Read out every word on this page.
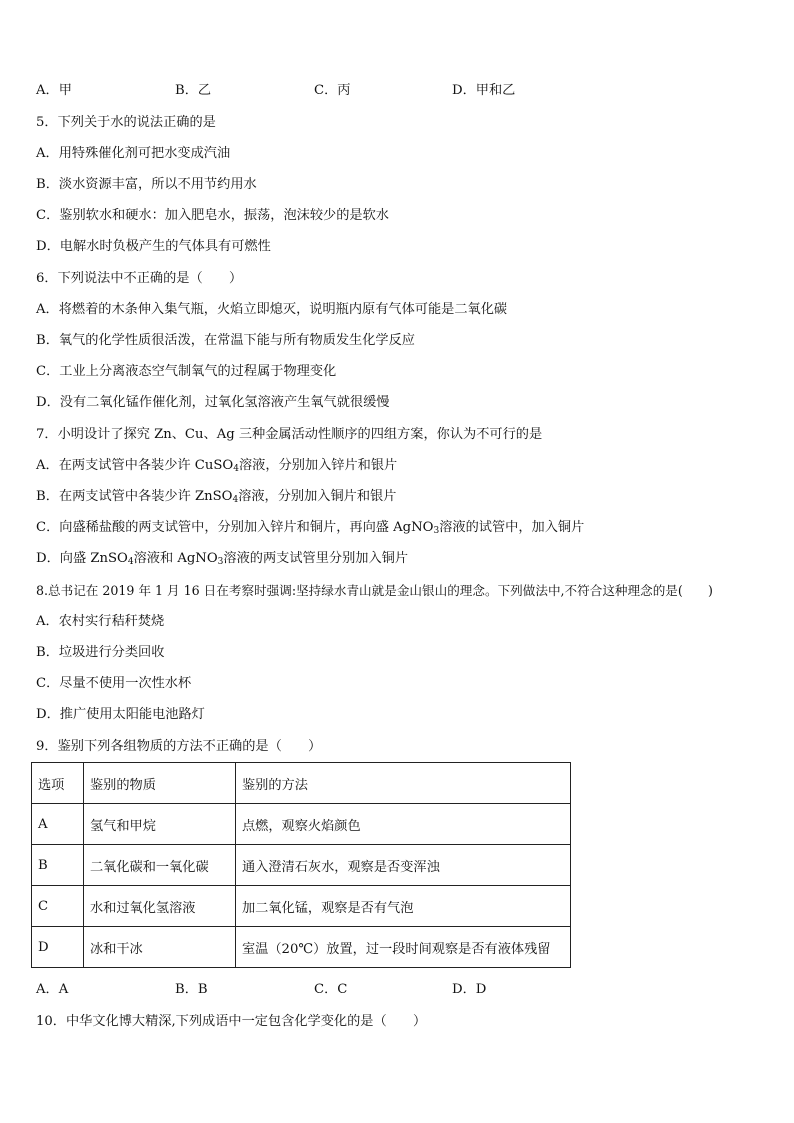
A．甲	B．乙	C．丙	D．甲和乙
5．下列关于水的说法正确的是
A．用特殊催化剂可把水变成汽油
B．淡水资源丰富，所以不用节约用水
C．鉴别软水和硬水：加入肥皂水，振荡，泡沫较少的是软水
D．电解水时负极产生的气体具有可燃性
6．下列说法中不正确的是（　　）
A．将燃着的木条伸入集气瓶，火焰立即熄灭，说明瓶内原有气体可能是二氧化碳
B．氧气的化学性质很活泼，在常温下能与所有物质发生化学反应
C．工业上分离液态空气制氧气的过程属于物理变化
D．没有二氧化锰作催化剂，过氧化氢溶液产生氧气就很缓慢
7．小明设计了探究 Zn、Cu、Ag 三种金属活动性顺序的四组方案，你认为不可行的是
A．在两支试管中各装少许 CuSO$_4$溶液，分别加入锌片和银片
B．在两支试管中各装少许 ZnSO$_4$溶液，分别加入铜片和银片
C．向盛稀盐酸的两支试管中，分别加入锌片和铜片，再向盛 AgNO$_3$溶液的试管中，加入铜片
D．向盛 ZnSO$_4$溶液和 AgNO$_3$溶液的两支试管里分别加入铜片
8.总书记在 2019 年 1 月 16 日在考察时强调:坚持绿水青山就是金山银山的理念。下列做法中,不符合这种理念的是(　　)
A．农村实行秸秆焚烧
B．垃圾进行分类回收
C．尽量不使用一次性水杯
D．推广使用太阳能电池路灯
9．鉴别下列各组物质的方法不正确的是（　　）
选项	鉴别的物质	鉴别的方法
A	氢气和甲烷	点燃，观察火焰颜色
B	二氧化碳和一氧化碳	通入澄清石灰水，观察是否变浑浊
C	水和过氧化氢溶液	加二氧化锰，观察是否有气泡
D	冰和干冰	室温（20℃）放置，过一段时间观察是否有液体残留
A．A	B．B	C．C	D．D
10．中华文化博大精深,下列成语中一定包含化学变化的是（　　）
